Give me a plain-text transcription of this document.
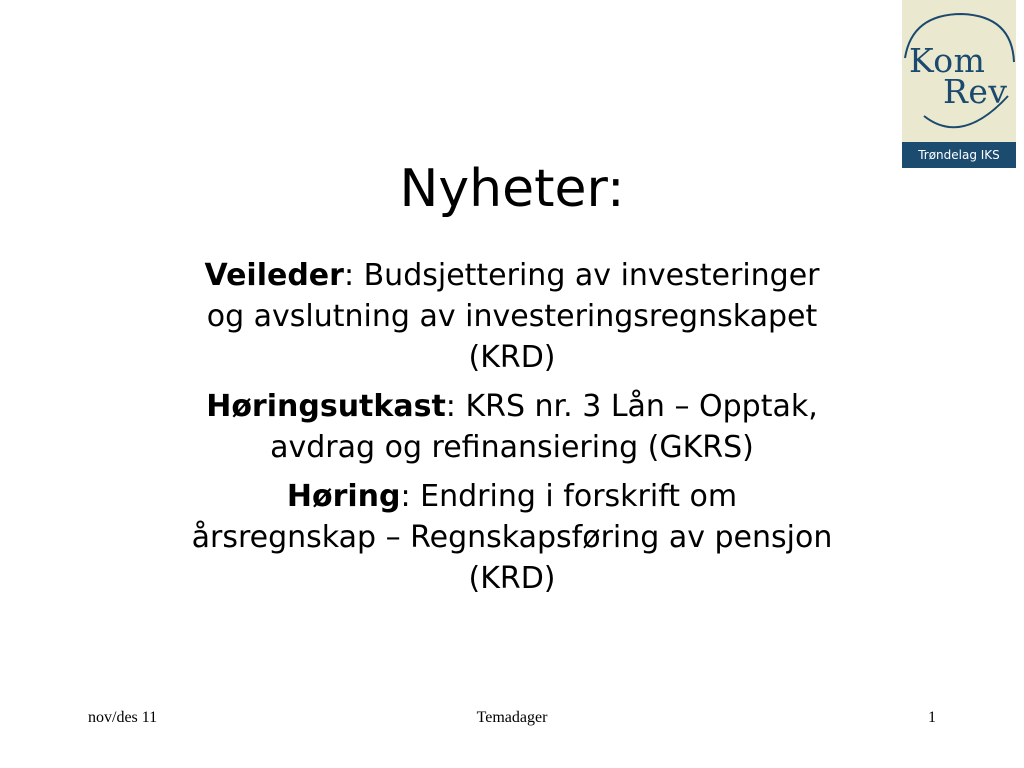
Kom
Rev
Trøndelag IKS
Nyheter:

Veileder: Budsjettering av investeringer og avslutning av investeringsregnskapet (KRD)

Høringsutkast: KRS nr. 3 Lån – Opptak, avdrag og refinansiering (GKRS)

Høring: Endring i forskrift om årsregnskap – Regnskapsføring av pensjon (KRD)

nov/des 11	Temadager	1
